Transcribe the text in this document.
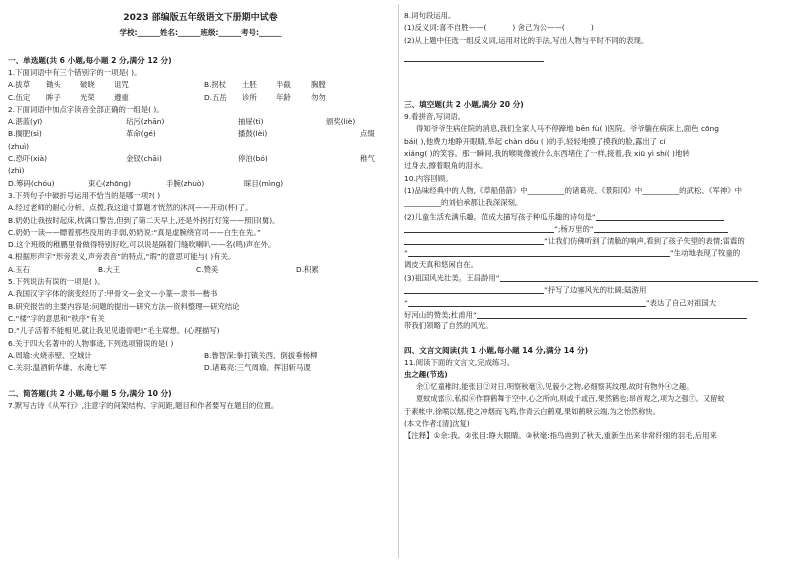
2023 部编版五年级语文下册期中试卷
学校:______姓名:______班级:______考号:______
一、单选题(共 6 小题,每小题 2 分,满分 12 分)
1.下面词语中有三个错别字的一项是( )。
A.拔草 锄头	破晓	诅咒	B.拐杖 土胚	半截	胸膛
C.伍定 眸子	光荣	遵重	D.五岳 诊所	年龄	勿勿
2.下面词语中加点字读音全部正确的一组是( )。
A.湛蓝(yī)	玷污(zhān)	抽屉(tì)	颁奖(liè)
B.搁肥(sì)	革命(gé)	播鼓(lèi)	点缀
(zhuì)
C.恐吓(xià)	金钗(chāi)	停泊(bó)	稚气
(zhì)
D.筹码(chóu)	束心(zhōng)	手腕(zhuò)	睬目(mìng)
3.下列句子中破折号运用不恰当的是哪一项?( )
A.经过老师的耐心分析、点拨,我这道寸算题才恍然的沐河——开动(杯)了。
B.奶奶让我按时起床,枕满口警告,但到了第二天早上,还是外拐打灯笼——照旧(舅)。
C.奶奶一读——瞟着那些没用的手弱,奶奶说:“真是虚腕绕官司——白生在先。”
D.这个班级的稚鹏里骨做得特别好吃,可以说是隔着门缝吹喇叭——名(鸣)声在外。
4.根据形声字“形旁表义,声旁表音”的特点,“瑕”的意思可能与( )有关。
A.玉石	B.大王	C.赞美	D.积累
5.下列说法有误的一项是( )。
A.我国汉字字体的演变经历了:甲骨文—金文—小篆—隶书—楷书
B.研究报告的主要内容是:问题的提出—研究方法—资料整理—研究结论
C.“楼”字的意思和“秩序”有关
D.“儿子活着不能相见,就让我见见遗骨吧!”毛主席想。(心理描写)
6.关于四大名著中的人物事迹,下列选项错误的是( )
A.周瑜:火烧赤壁、空城计	B.鲁智深:拳打镇关西、倒拔垂杨柳
C.关羽:温酒斩华雄、水淹七军	D.诸葛亮:三气周瑜、挥泪斩马谡
二、简答题(共 2 小题,每小题 5 分,满分 10 分)
7.默写古诗《从军行》,注意字的间架结构、字间距,题目和作者要写在题目的位置。
8.词句段运用。
(1)反义词:喜不自胜——(	) 舍己为公——(	)
(2)从上题中任选一组反义词,运用对比的手法,写出人物与平时不同的表现。
三、填空题(共 2 小题,满分 20 分)
9.看拼音,写词语。
得知爷爷生病住院的消息,我们全家人马不停蹄地 bēn fù( )医院。爷爷躺在病床上,面色 cōng
bái( ),他费力地睁开眼睛,举起 chàn dǒu ( )的手,轻轻地摸了摸我的脸,露出了 cí
xiáng( )的笑容。那一瞬间,我的喉咙像被什么东西堵住了一样,接着,我 xiū yì shí( )地转
过身去,擦着眼角的泪水。
10.内容回顾。
(1)品味经典中的人物,《草船借箭》中__________的诸葛亮、《景阳冈》中__________的武松、《军神》中
__________的刘伯承都让我深深刻。
(2)儿童生活充满乐趣。范成大描写孩子种瓜乐趣的诗句是“
”;杨万里的“
”让我们仿佛听到了清脆的响声,看到了孩子失望的表情;雷震的
“	”生动地表现了牧童的
调皮天真和悠闲自在。
(3)祖国风光壮美。王昌龄用“
”抒写了边塞风光的壮阔;陆游用
“	”表达了自己对祖国大
好河山的赞美;杜甫用“
带我们领略了自然的风光。
四、文言文阅读(共 1 小题,每小题 14 分,满分 14 分)
11.阅读下面的文言文,完成练习。
虫之趣(节选)
余①忆童稚时,能张目②对日,明察秋毫③,见藐小之物,必细察其纹理,故时有物外④之趣。
夏蚊成雷⑤,私拟⑥作群鹤舞于空中,心之所向,则或千或百,果然鹤也;昂首观之,项为之强⑦。又留蚊
于素帐中,徐喷以烟,使之冲烟而飞鸣,作青云白鹤观,果如鹤唳云端,为之怡然称快。
(本文作者:[清]沈复)
【注释】①余:我。②张目:睁大眼睛。③秋毫:指鸟兽到了秋天,重新生出来非常纤细的羽毛,后用来
